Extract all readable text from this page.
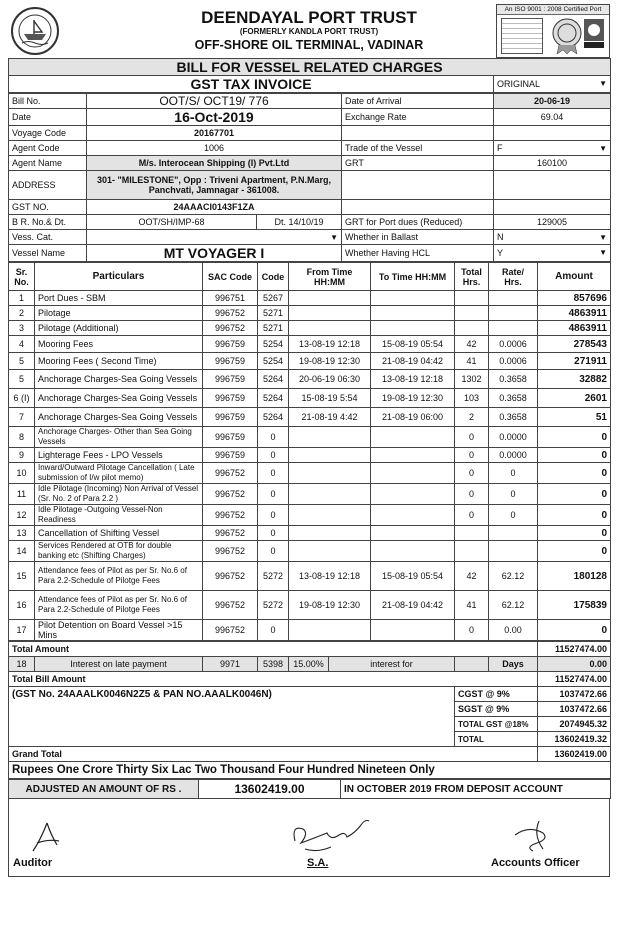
DEENDAYAL PORT TRUST
(FORMERLY KANDLA PORT TRUST)
OFF-SHORE OIL TERMINAL, VADINAR
An ISO 9001 : 2008 Certified Port
BILL FOR VESSEL RELATED CHARGES
GST TAX INVOICE	ORIGINAL	▼
Bill No.	OOT/S/ OCT19/ 776		Date of Arrival	20-06-19
Date	16-Oct-2019		Exchange Rate	69.04
Voyage Code	20167701			
Agent Code	1006		Trade of the Vessel	F ▼

Agent Name	M/s. Interocean Shipping (I) Pvt.Ltd		GRT	160100
ADDRESS	301- "MILESTONE", Opp : Triveni Apartment, P.N.Marg, Panchvati, Jamnagar - 361008.			
GST NO.	24AAACI0143F1ZA			
B R. No.& Dt.	OOT/SH/IMP-68	Dt. 14/10/19	GRT for Port dues (Reduced)	129005
Vess. Cat.	▼		Whether in Ballast	N ▼

Vessel Name	MT VOYAGER I		Whether Having HCL	Y ▼
Sr. No.	Particulars	SAC Code	Code	From Time HH:MM	To Time HH:MM	Total Hrs.	Rate/ Hrs.	Amount
1	Port Dues - SBM	996751	5267					857696
2	Pilotage	996752	5271					4863911
3	Pilotage (Additional)	996752	5271					4863911
4	Mooring Fees	996759	5254	13-08-19 12:18	15-08-19 05:54	42	0.0006	278543
5	Mooring Fees ( Second Time)	996759	5254	19-08-19 12:30	21-08-19 04:42	41	0.0006	271911
5	Anchorage Charges-Sea Going Vessels	996759	5264	20-06-19 06:30	13-08-19 12:18	1302	0.3658	32882
6 (I)	Anchorage Charges-Sea Going Vessels	996759	5264	15-08-19 5:54	19-08-19 12:30	103	0.3658	2601
7	Anchorage Charges-Sea Going Vessels	996759	5264	21-08-19 4:42	21-08-19 06:00	2	0.3658	51
8	Anchorage Charges- Other than Sea Going Vessels	996759	0			0	0.0000	0
9	Lighterage Fees - LPO Vessels	996759	0			0	0.0000	0
10	Inward/Outward Pilotage Cancellation ( Late submission of I/w pilot memo)	996752	0			0	0	0
11	Idle Pilotage (Incoming) Non Arrival of Vessel (Sr. No. 2 of Para 2.2 )	996752	0			0	0	0
12	Idle Pilotage -Outgoing Vessel-Non Readiness	996752	0			0	0	0
13	Cancellation of Shifting Vessel	996752	0					0
14	Services Rendered at OTB for double banking etc (Shifting Charges)	996752	0					0
15	Attendance fees of Pilot as per Sr. No.6 of Para 2.2-Schedule of Pilotge Fees	996752	5272	13-08-19 12:18	15-08-19 05:54	42	62.12	180128
16	Attendance fees of Pilot as per Sr. No.6 of Para 2.2-Schedule of Pilotge Fees	996752	5272	19-08-19 12:30	21-08-19 04:42	41	62.12	175839
17	Pilot Detention on Board Vessel >15 Mins	996752	0			0	0.00	0
Total Amount								11527474.00
18	Interest on late payment	9971	5398	15.00%	interest for		Days	0.00
Total Bill Amount								11527474.00
(GST No. 24AAALK0046N2Z5 & PAN NO.AAALK0046N)						CGST @ 9%		1037472.66
						SGST @ 9%		1037472.66
						TOTAL GST @18%		2074945.32
						TOTAL		13602419.32
Grand Total								13602419.00
Rupees One Crore Thirty Six Lac Two Thousand Four Hundred Nineteen Only								
ADJUSTED AN AMOUNT OF RS .	13602419.00	IN OCTOBER 2019 FROM DEPOSIT ACCOUNT
Auditor	S.A.	Accounts Officer
